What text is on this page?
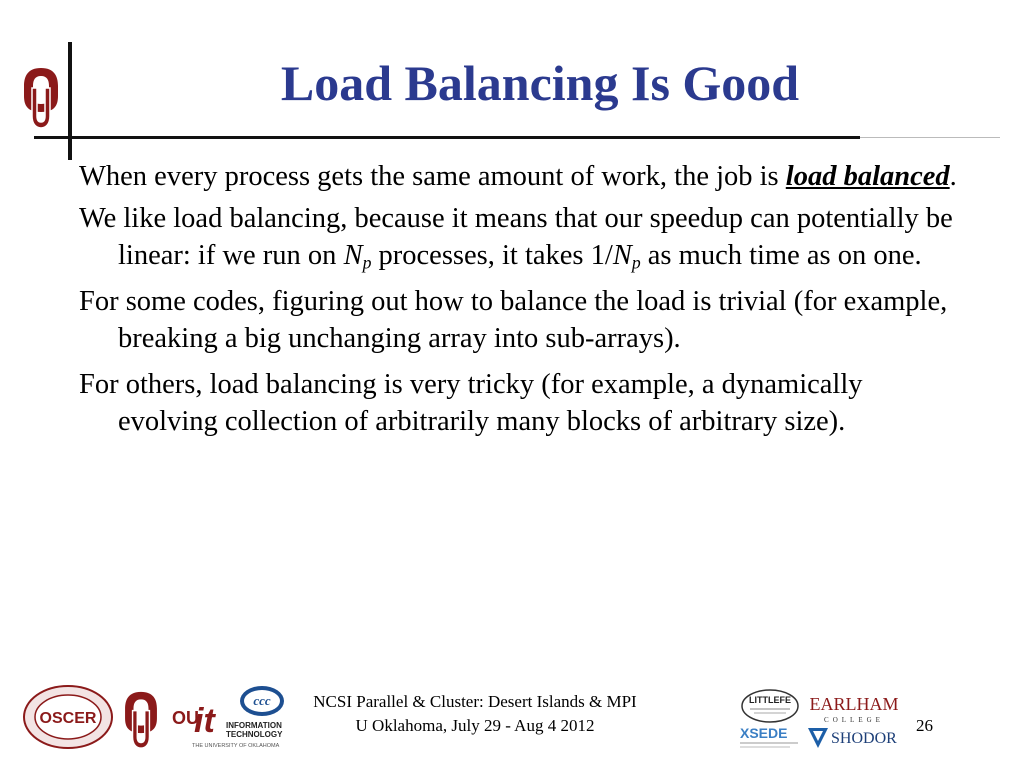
Load Balancing Is Good

When every process gets the same amount of work, the job is load balanced.

We like load balancing, because it means that our speedup can potentially be linear: if we run on $N_p$ processes, it takes $1/N_p$ as much time as on one.

For some codes, figuring out how to balance the load is trivial (for example, breaking a big unchanging array into sub-arrays).

For others, load balancing is very tricky (for example, a dynamically evolving collection of arbitrarily many blocks of arbitrary size).

OSCER	OU
it INFORMATION
TECHNOLOGY
THE UNIVERSITY OF OKLAHOMA
ccc	NCSI Parallel & Cluster: Desert Islands & MPI
U Oklahoma, July 29 - Aug 4 2012
LITTLEFE EARLHAM
COLLEGE
XSEDE	SHODOR
26
